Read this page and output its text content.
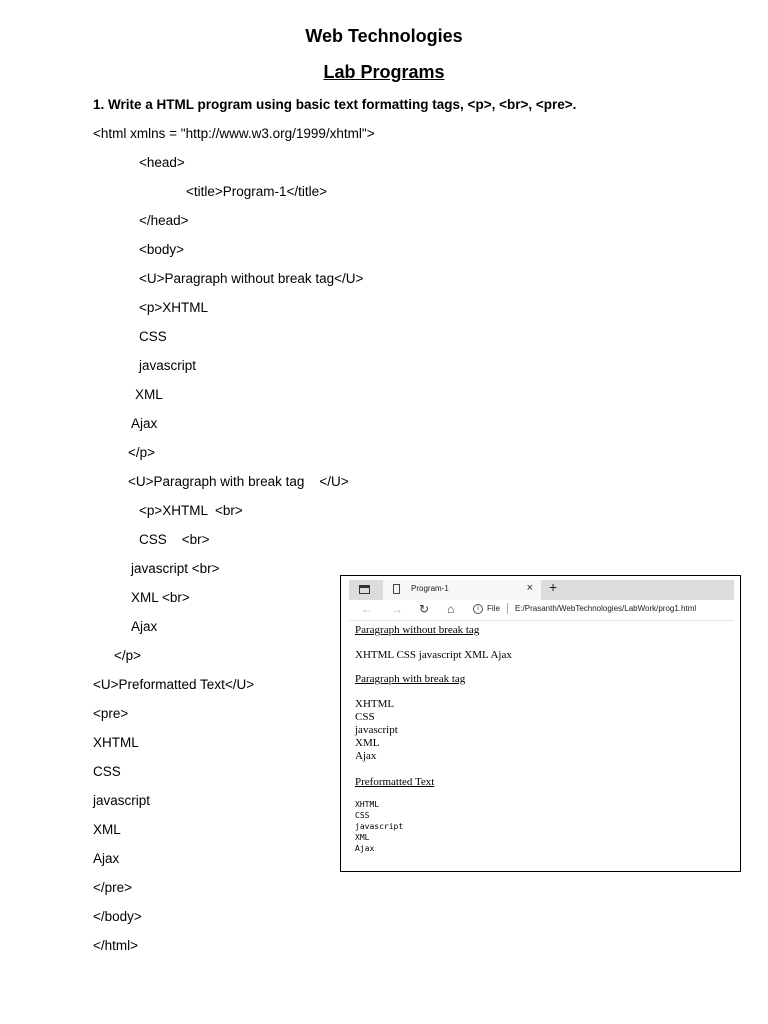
Web Technologies
Lab Programs
1. Write a HTML program using basic text formatting tags, <p>, <br>, <pre>.
<html xmlns = "http://www.w3.org/1999/xhtml">
<head>
<title>Program-1</title>
</head>
<body>
<U>Paragraph without break tag</U>
<p>XHTML
CSS
javascript
XML
Ajax
</p>
<U>Paragraph with break tag    </U>
<p>XHTML  <br>
CSS    <br>
javascript <br>
XML <br>
Ajax
</p>
<U>Preformatted Text</U>
<pre>
XHTML
CSS
javascript
XML
Ajax
</pre>
</body>
</html>
Program-1	× +
← → ↻ ⌂	i	File E:/Prasanth/WebTechnologies/LabWork/prog1.html
Paragraph without break tag
XHTML CSS javascript XML Ajax
Paragraph with break tag
XHTML
CSS
javascript
XML
Ajax
Preformatted Text
XHTML
CSS
javascript
XML
Ajax
